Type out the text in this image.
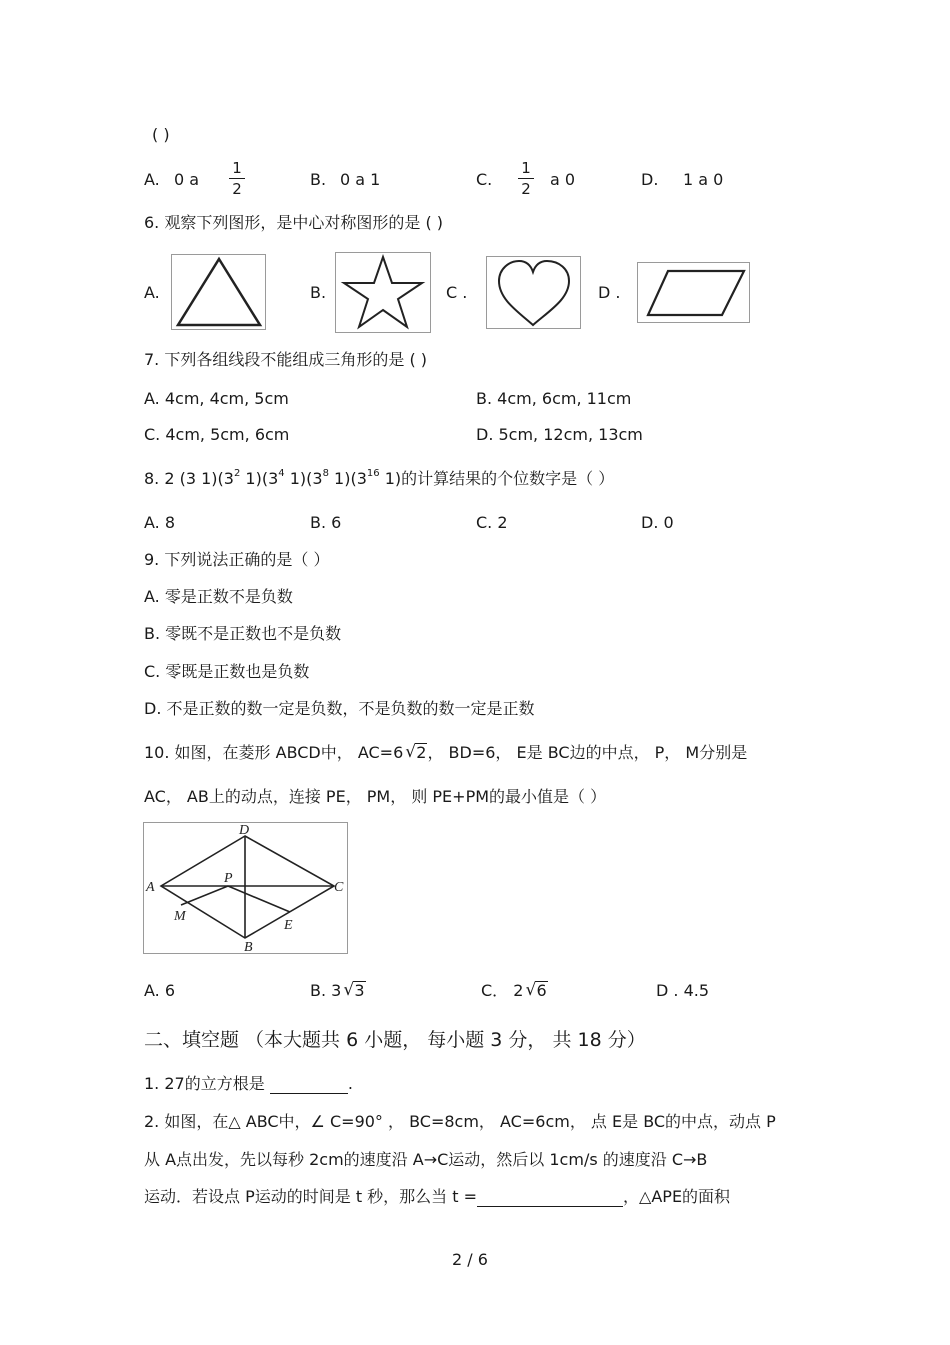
( )
A. 0 a
1
2	B. 0 a 1	C.
1
2 a 0	D. 1 a 0
6. 观察下列图形，是中心对称图形的是 ( )
A.	B.	C .	D .
7. 下列各组线段不能组成三角形的是 ( )
A. 4cm, 4cm, 5cm	B. 4cm, 6cm, 11cm
C. 4cm, 5cm, 6cm	D. 5cm, 12cm, 13cm
8. 2 (3 $1)(3^2$ $1)(3^4$ $1)(3^8$ $1)(3^{16}$ 1)的计算结果的个位数字是（ ）
A. 8	B. 6	C. 2	D. 0
9. 下列说法正确的是（ ）
A. 零是正数不是负数
B. 零既不是正数也不是负数
C. 零既是正数也是负数
D. 不是正数的数一定是负数，不是负数的数一定是正数
10. 如图，在菱形 ABCD中， AC=6 √ 2， BD=6， E是 BC边的中点， P， M分别是
AC， AB上的动点，连接 PE， PM， 则 PE+PM的最小值是（ ）
D
A	C
B
P
M
E
A. 6	B. 3 √ 3	C． 2 √ 6	D . 4.5
二、填空题 （本大题共 6 小题， 每小题 3 分， 共 18 分）
1. 27的立方根是	.
2. 如图，在△ ABC中，∠ C=90° ， BC=8cm， AC=6cm， 点 E是 BC的中点，动点 P
从 A点出发，先以每秒 2cm的速度沿 A→C运动，然后以 1cm/s 的速度沿 C→B
运动．若设点 P运动的时间是 t 秒，那么当 t =	，△APE的面积
2 / 6
